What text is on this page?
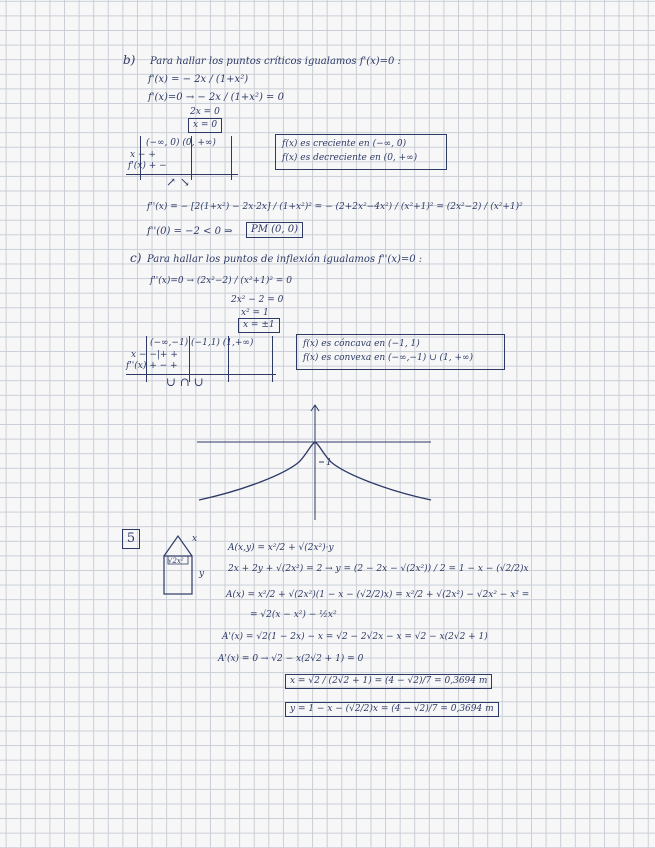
b) Para hallar los puntos críticos igualamos f'(x)=0 :
f'(x) = − 2x / (1+x²)
f'(x)=0 → − 2x / (1+x²) = 0
2x = 0
x = 0
(−∞, 0) (0, +∞)
x − +
f'(x) + −
↗ ↘
f(x) es creciente en (−∞, 0)
f(x) es decreciente en (0, +∞)
f''(x) = − [2(1+x²) − 2x·2x] / (1+x²)² = − (2+2x²−4x²) / (x²+1)² = (2x²−2) / (x²+1)²
f''(0) = −2 < 0 ⇒	PM (0, 0)
c) Para hallar los puntos de inflexión igualamos f''(x)=0 :
f''(x)=0 → (2x²−2) / (x²+1)² = 0
2x² − 2 = 0
x² = 1
x = ±1
(−∞,−1) (−1,1) (1,+∞)
x − −|+ +
f''(x) + − +
∪ ∩ ∪
f(x) es cóncava en (−1, 1)
f(x) es convexa en (−∞,−1) ∪ (1, +∞)
1
5	x
y
√2x²
A(x,y) = x²/2 + √(2x²)·y
2x + 2y + √(2x²) = 2 → y = (2 − 2x − √(2x²)) / 2 = 1 − x − (√2/2)x
A(x) = x²/2 + √(2x²)(1 − x − (√2/2)x) = x²/2 + √(2x²) − √2x² − x² =
= √2(x − x²) − ½x²
A'(x) = √2(1 − 2x) − x = √2 − 2√2x − x = √2 − x(2√2 + 1)
A'(x) = 0 → √2 − x(2√2 + 1) = 0
x = √2 / (2√2 + 1) = (4 − √2)/7 = 0,3694 m
y = 1 − x − (√2/2)x = (4 − √2)/7 = 0,3694 m
